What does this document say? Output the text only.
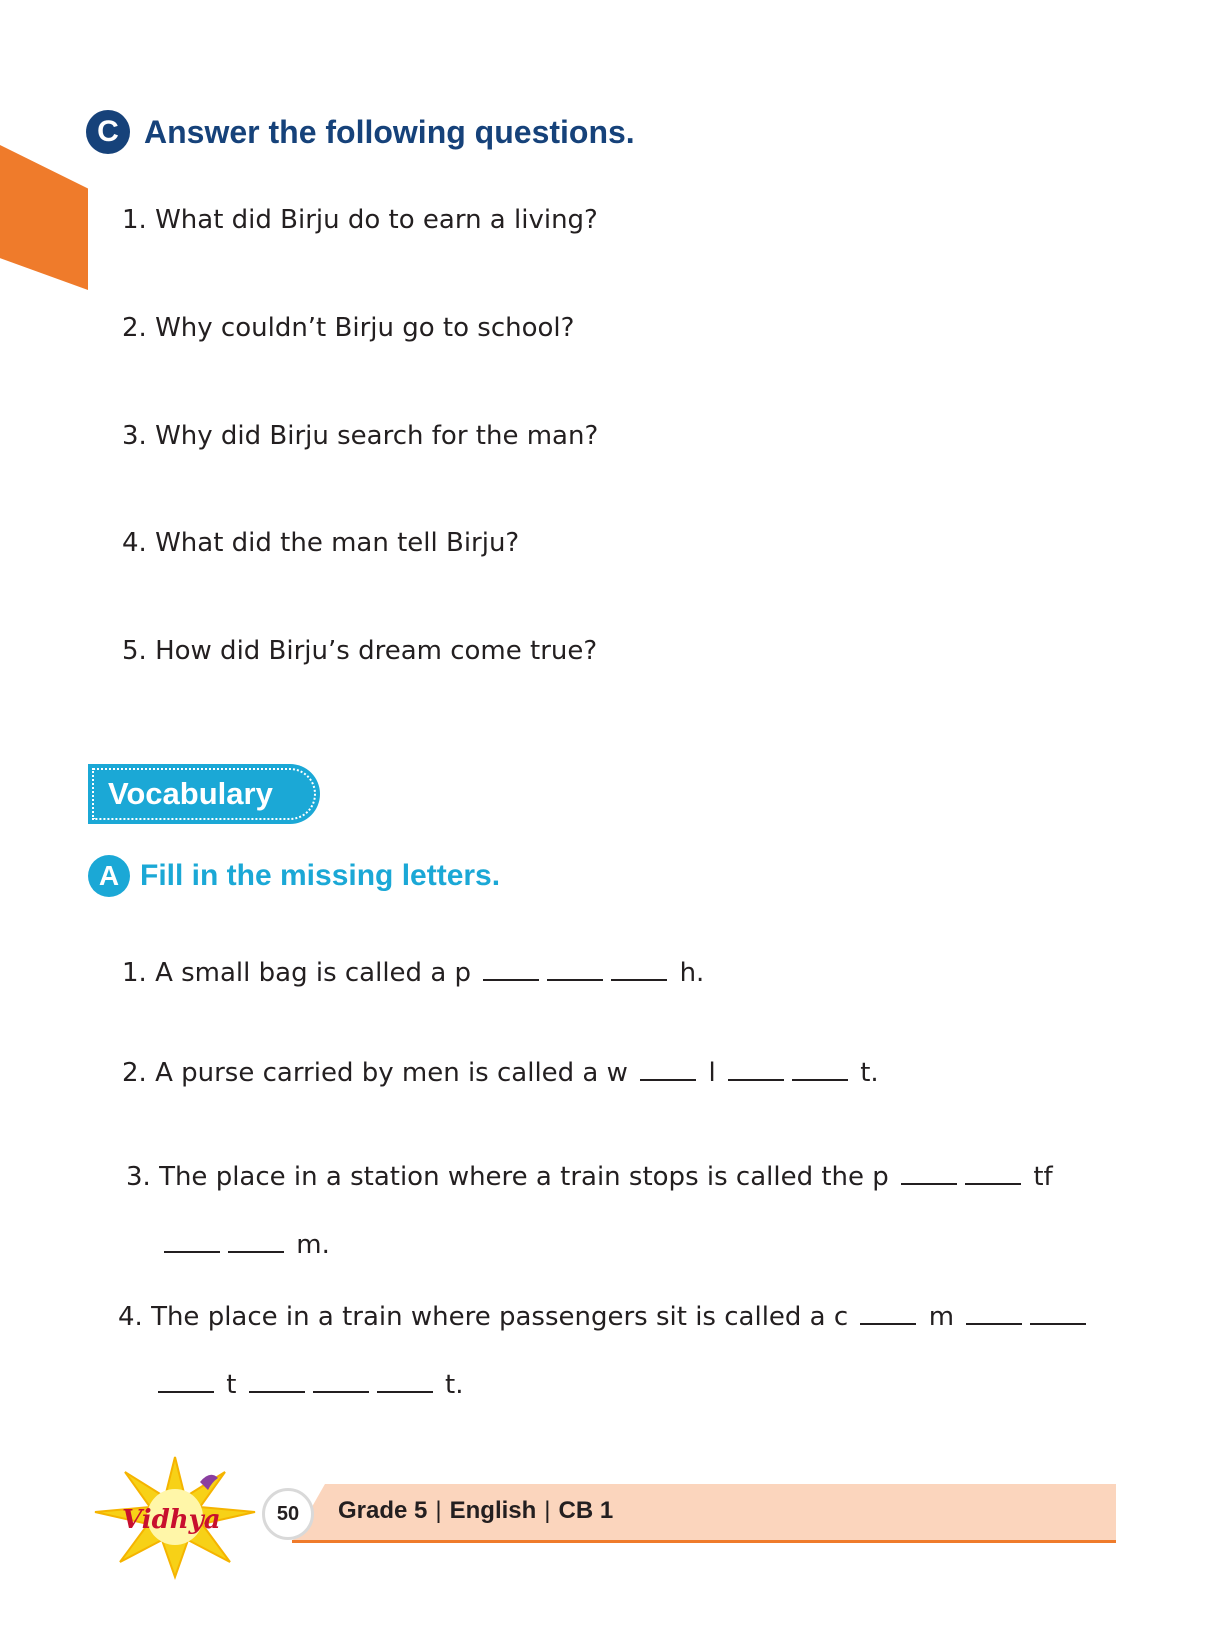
C Answer the following questions.
1. What did Birju do to earn a living?
2. Why couldn’t Birju go to school?
3. Why did Birju search for the man?
4. What did the man tell Birju?
5. How did Birju’s dream come true?
Vocabulary
A Fill in the missing letters.
1. A small bag is called a p	h.
2. A purse carried by men is called a w	l	t.
3. The place in a station where a train stops is called the p	tf
m.
4. The place in a train where passengers sit is called a c	m
t	t.
Vidhya	50	Grade 5 | English | CB 1
